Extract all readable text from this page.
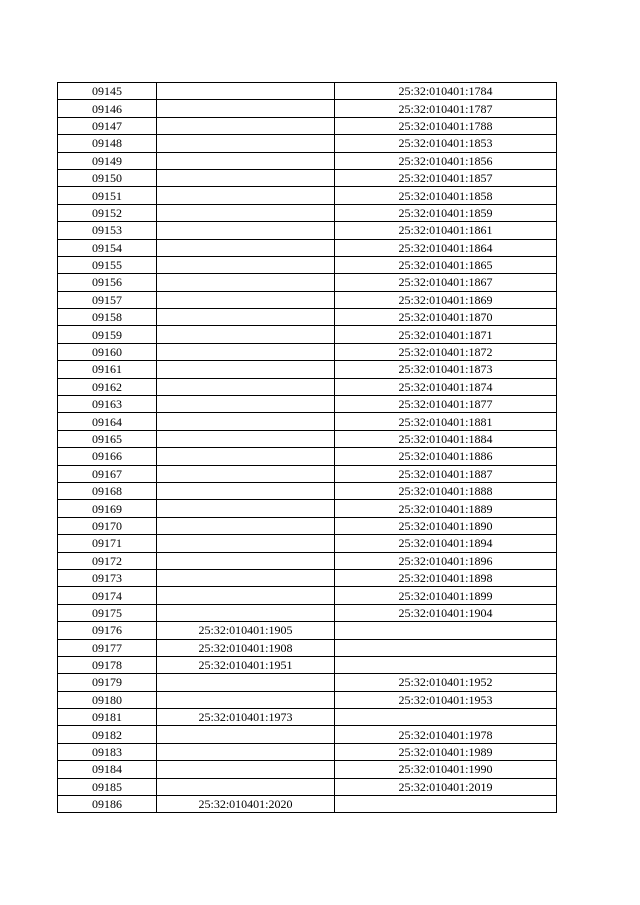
09145		25:32:010401:1784
09146		25:32:010401:1787
09147		25:32:010401:1788
09148		25:32:010401:1853
09149		25:32:010401:1856
09150		25:32:010401:1857
09151		25:32:010401:1858
09152		25:32:010401:1859
09153		25:32:010401:1861
09154		25:32:010401:1864
09155		25:32:010401:1865
09156		25:32:010401:1867
09157		25:32:010401:1869
09158		25:32:010401:1870
09159		25:32:010401:1871
09160		25:32:010401:1872
09161		25:32:010401:1873
09162		25:32:010401:1874
09163		25:32:010401:1877
09164		25:32:010401:1881
09165		25:32:010401:1884
09166		25:32:010401:1886
09167		25:32:010401:1887
09168		25:32:010401:1888
09169		25:32:010401:1889
09170		25:32:010401:1890
09171		25:32:010401:1894
09172		25:32:010401:1896
09173		25:32:010401:1898
09174		25:32:010401:1899
09175		25:32:010401:1904
09176	25:32:010401:1905	
09177	25:32:010401:1908	
09178	25:32:010401:1951	
09179		25:32:010401:1952
09180		25:32:010401:1953
09181	25:32:010401:1973	
09182		25:32:010401:1978
09183		25:32:010401:1989
09184		25:32:010401:1990
09185		25:32:010401:2019
09186	25:32:010401:2020	
